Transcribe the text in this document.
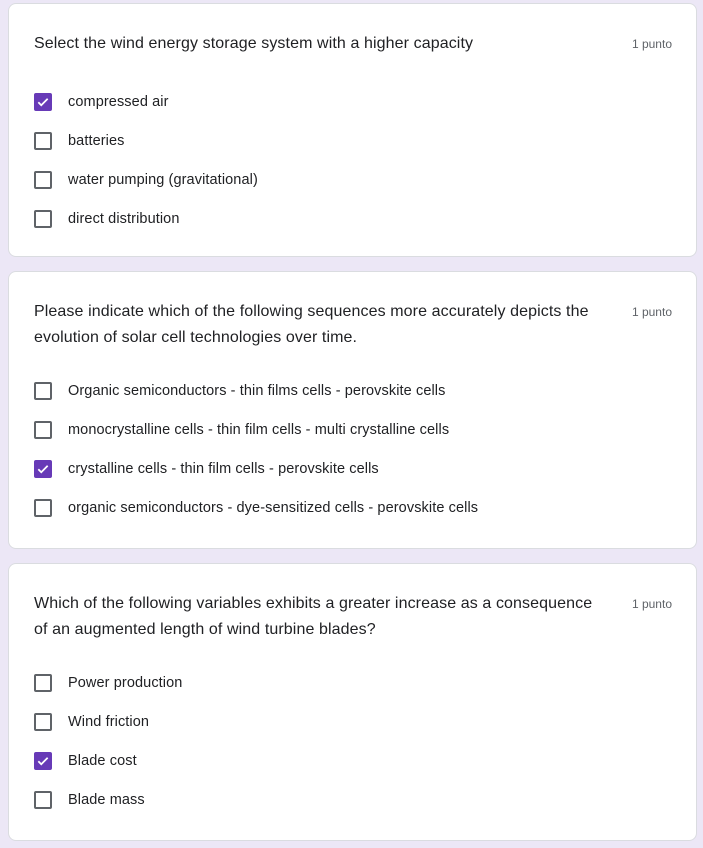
Select the wind energy storage system with a higher capacity	1 punto
compressed air
batteries
water pumping (gravitational)
direct distribution
Please indicate which of the following sequences more accurately depicts the evolution of solar cell technologies over time.
1 punto
Organic semiconductors - thin films cells - perovskite cells
monocrystalline cells - thin film cells - multi crystalline cells
crystalline cells - thin film cells - perovskite cells
organic semiconductors - dye-sensitized cells - perovskite cells
Which of the following variables exhibits a greater increase as a consequence of an augmented length of wind turbine blades?
1 punto
Power production
Wind friction
Blade cost
Blade mass
